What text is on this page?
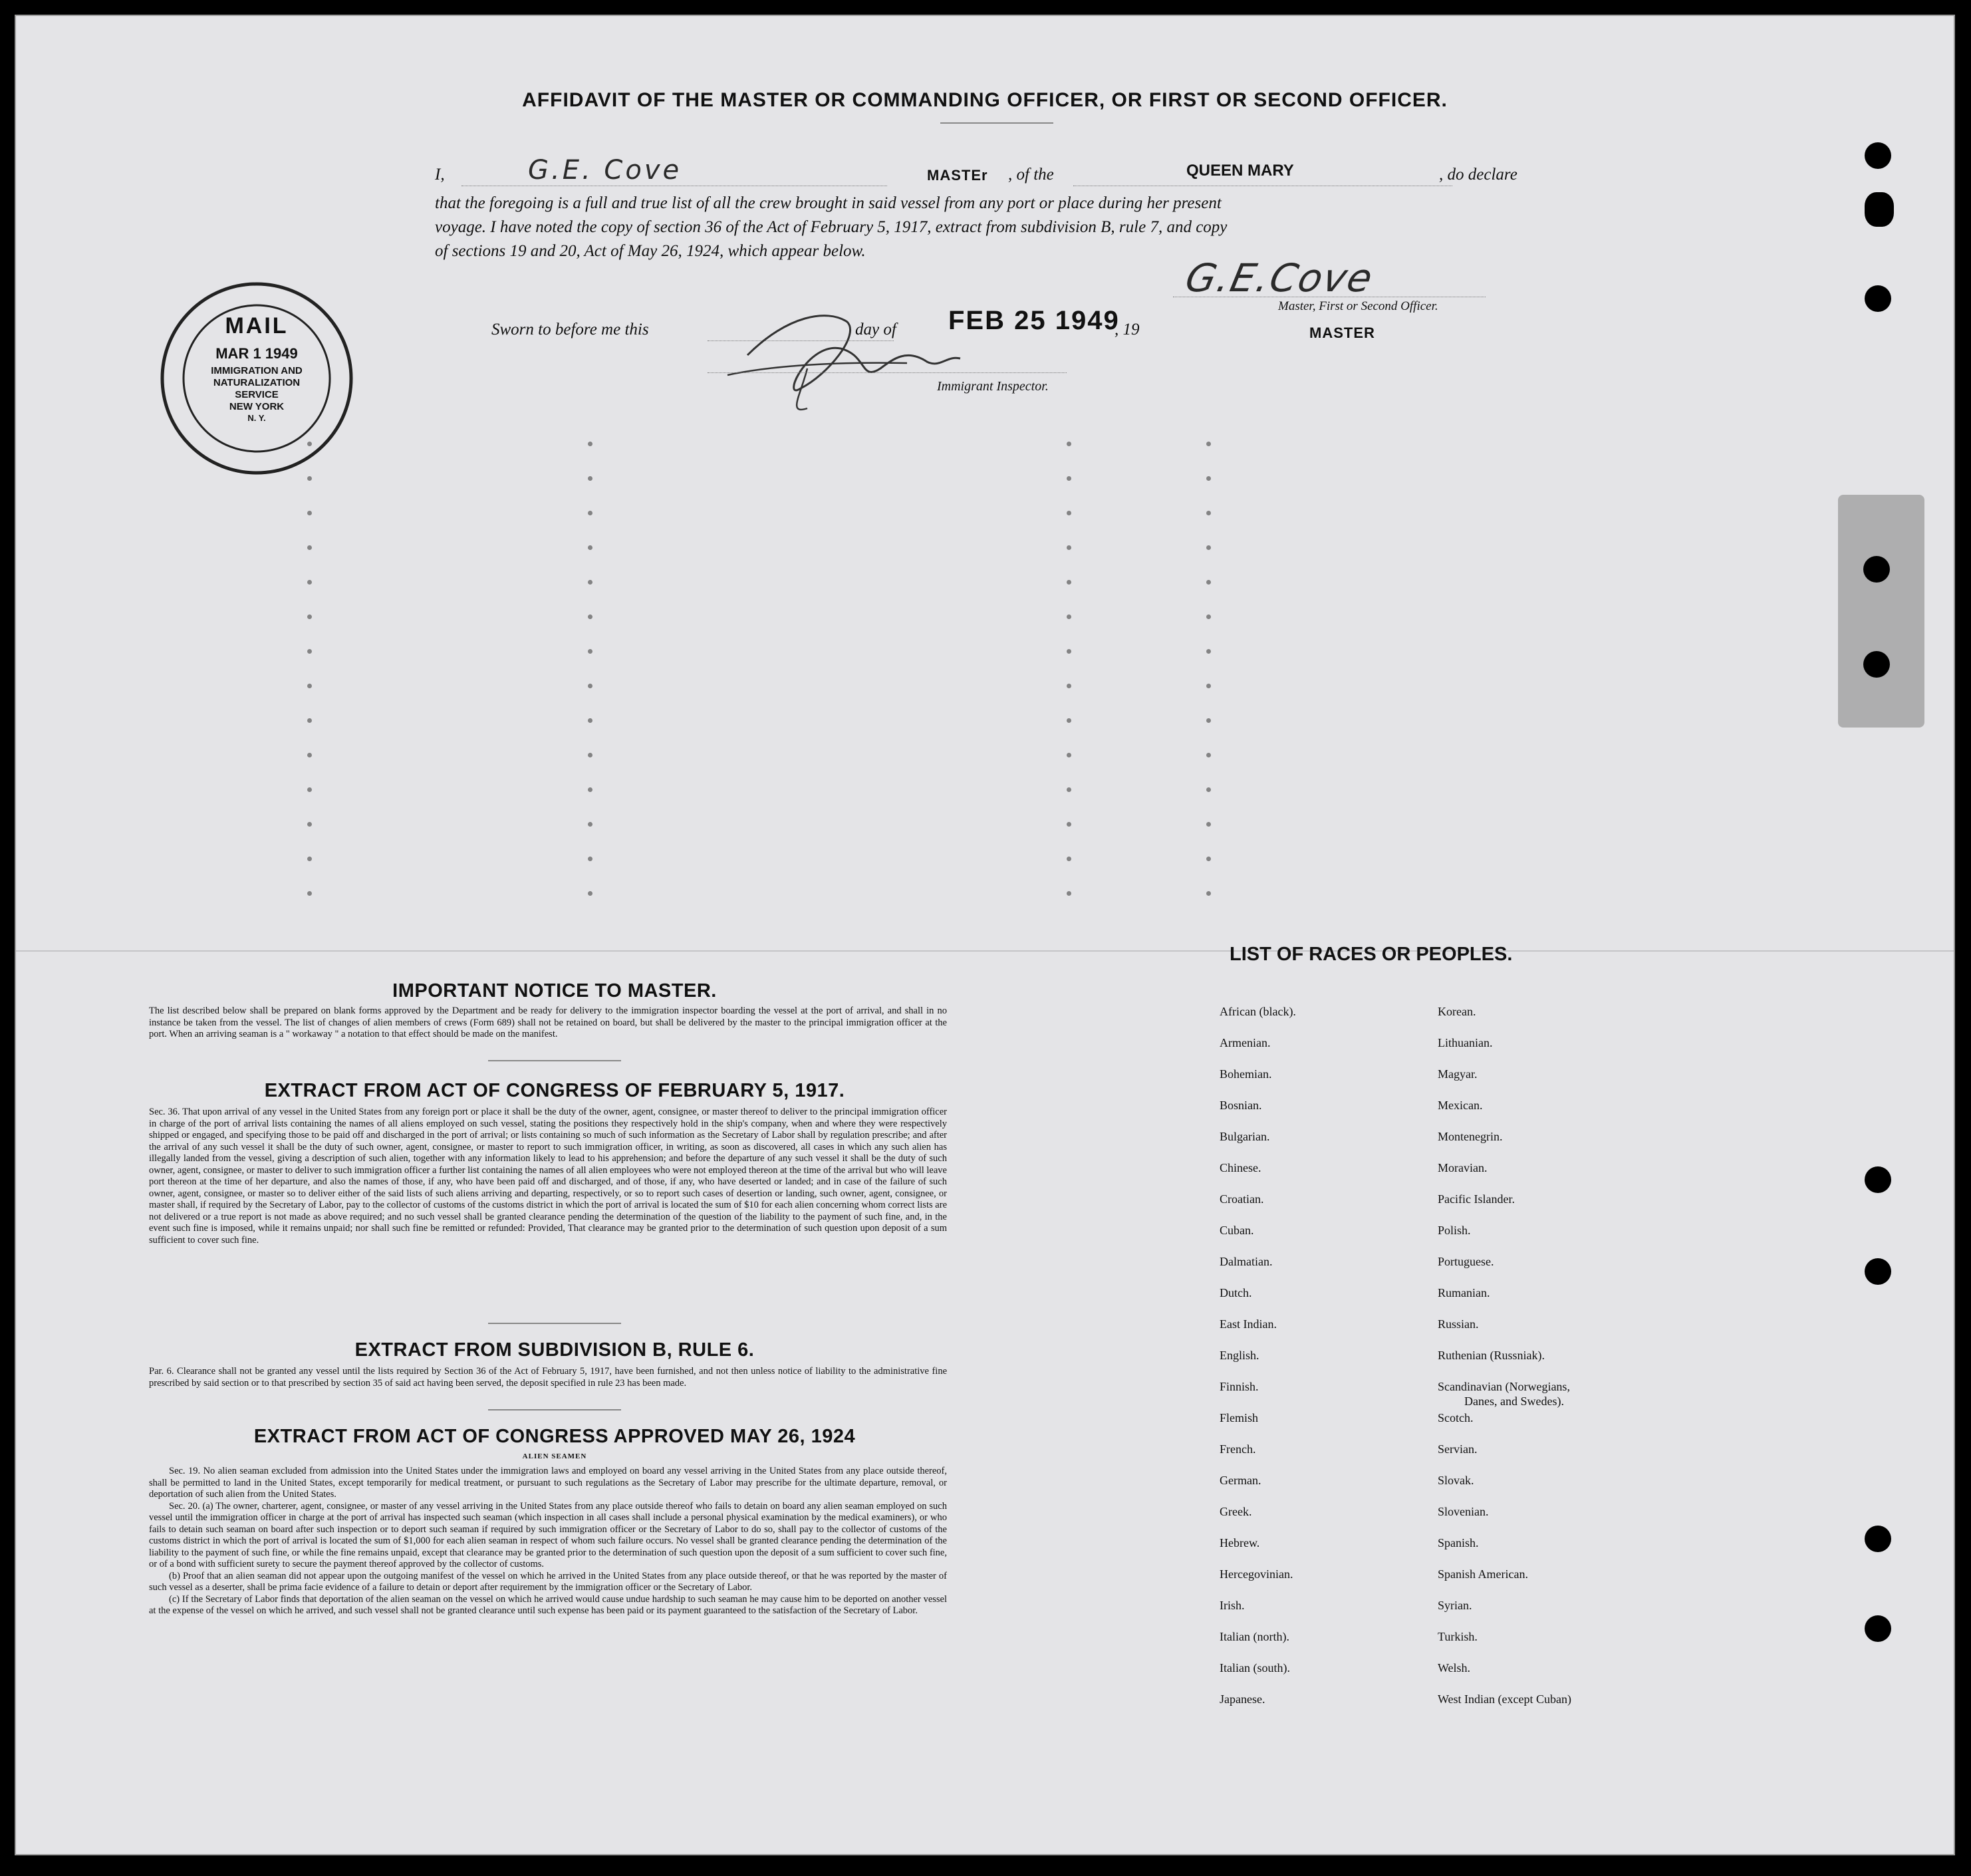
AFFIDAVIT OF THE MASTER OR COMMANDING OFFICER, OR FIRST OR SECOND OFFICER.
I,	G.E. Cove	MASTEr , of the	QUEEN MARY	, do declare
that the foregoing is a full and true list of all the crew brought in said vessel from any port or place during her present
voyage. I have noted the copy of section 36 of the Act of February 5, 1917, extract from subdivision B, rule 7, and copy
of sections 19 and 20, Act of May 26, 1924, which appear below.
G.E.Cove
Master, First or Second Officer.
MASTER
Sworn to before me this	day of FEB 25 1949
, 19
Immigrant Inspector.
MAIL
MAR 1 1949
IMMIGRATION AND
NATURALIZATION
SERVICE
NEW YORK
N. Y.
IMPORTANT NOTICE TO MASTER.
The list described below shall be prepared on blank forms approved by the Department and be ready for delivery to the immigration inspector boarding the vessel at the port of arrival, and shall in no instance be taken from the vessel. The list of changes of alien members of crews (Form 689) shall not be retained on board, but shall be delivered by the master to the principal immigration officer at the port. When an arriving seaman is a " workaway " a notation to that effect should be made on the manifest.
EXTRACT FROM ACT OF CONGRESS OF FEBRUARY 5, 1917.
Sec. 36. That upon arrival of any vessel in the United States from any foreign port or place it shall be the duty of the owner, agent, consignee, or master thereof to deliver to the principal immigration officer in charge of the port of arrival lists containing the names of all aliens employed on such vessel, stating the positions they respectively hold in the ship's company, when and where they were respectively shipped or engaged, and specifying those to be paid off and discharged in the port of arrival; or lists containing so much of such information as the Secretary of Labor shall by regulation prescribe; and after the arrival of any such vessel it shall be the duty of such owner, agent, consignee, or master to report to such immigration officer, in writing, as soon as discovered, all cases in which any such alien has illegally landed from the vessel, giving a description of such alien, together with any information likely to lead to his apprehension; and before the departure of any such vessel it shall be the duty of such owner, agent, consignee, or master to deliver to such immigration officer a further list containing the names of all alien employees who were not employed thereon at the time of the arrival but who will leave port thereon at the time of her departure, and also the names of those, if any, who have been paid off and discharged, and of those, if any, who have deserted or landed; and in case of the failure of such owner, agent, consignee, or master so to deliver either of the said lists of such aliens arriving and departing, respectively, or so to report such cases of desertion or landing, such owner, agent, consignee, or master shall, if required by the Secretary of Labor, pay to the collector of customs of the customs district in which the port of arrival is located the sum of $10 for each alien concerning whom correct lists are not delivered or a true report is not made as above required; and no such vessel shall be granted clearance pending the determination of the question of the liability to the payment of such fine, and, in the event such fine is imposed, while it remains unpaid; nor shall such fine be remitted or refunded: Provided, That clearance may be granted prior to the determination of such question upon deposit of a sum sufficient to cover such fine.
EXTRACT FROM SUBDIVISION B, RULE 6.
Par. 6. Clearance shall not be granted any vessel until the lists required by Section 36 of the Act of February 5, 1917, have been furnished, and not then unless notice of liability to the administrative fine prescribed by said section or to that prescribed by section 35 of said act having been served, the deposit specified in rule 23 has been made.
EXTRACT FROM ACT OF CONGRESS APPROVED MAY 26, 1924
ALIEN SEAMEN
Sec. 19. No alien seaman excluded from admission into the United States under the immigration laws and employed on board any vessel arriving in the United States from any place outside thereof, shall be permitted to land in the United States, except temporarily for medical treatment, or pursuant to such regulations as the Secretary of Labor may prescribe for the ultimate departure, removal, or deportation of such alien from the United States.
Sec. 20. (a) The owner, charterer, agent, consignee, or master of any vessel arriving in the United States from any place outside thereof who fails to detain on board any alien seaman employed on such vessel until the immigration officer in charge at the port of arrival has inspected such seaman (which inspection in all cases shall include a personal physical examination by the medical examiners), or who fails to detain such seaman on board after such inspection or to deport such seaman if required by such immigration officer or the Secretary of Labor to do so, shall pay to the collector of customs of the customs district in which the port of arrival is located the sum of $1,000 for each alien seaman in respect of whom such failure occurs. No vessel shall be granted clearance pending the determination of the liability to the payment of such fine, or while the fine remains unpaid, except that clearance may be granted prior to the determination of such question upon the deposit of a sum sufficient to cover such fine, or of a bond with sufficient surety to secure the payment thereof approved by the collector of customs.
(b) Proof that an alien seaman did not appear upon the outgoing manifest of the vessel on which he arrived in the United States from any place outside thereof, or that he was reported by the master of such vessel as a deserter, shall be prima facie evidence of a failure to detain or deport after requirement by the immigration officer or the Secretary of Labor.
(c) If the Secretary of Labor finds that deportation of the alien seaman on the vessel on which he arrived would cause undue hardship to such seaman he may cause him to be deported on another vessel at the expense of the vessel on which he arrived, and such vessel shall not be granted clearance until such expense has been paid or its payment guaranteed to the satisfaction of the Secretary of Labor.
LIST OF RACES OR PEOPLES.
African (black).
Armenian.
Bohemian.
Bosnian.
Bulgarian.
Chinese.
Croatian.
Cuban.
Dalmatian.
Dutch.
East Indian.
English.
Finnish.
Flemish
French.
German.
Greek.
Hebrew.
Hercegovinian.
Irish.
Italian (north).
Italian (south).
Japanese.
Korean.
Lithuanian.
Magyar.
Mexican.
Montenegrin.
Moravian.
Pacific Islander.
Polish.
Portuguese.
Rumanian.
Russian.
Ruthenian (Russniak).
Scandinavian (Norwegians,
Danes, and Swedes).
Scotch.
Servian.
Slovak.
Slovenian.
Spanish.
Spanish American.
Syrian.
Turkish.
Welsh.
West Indian (except Cuban)
